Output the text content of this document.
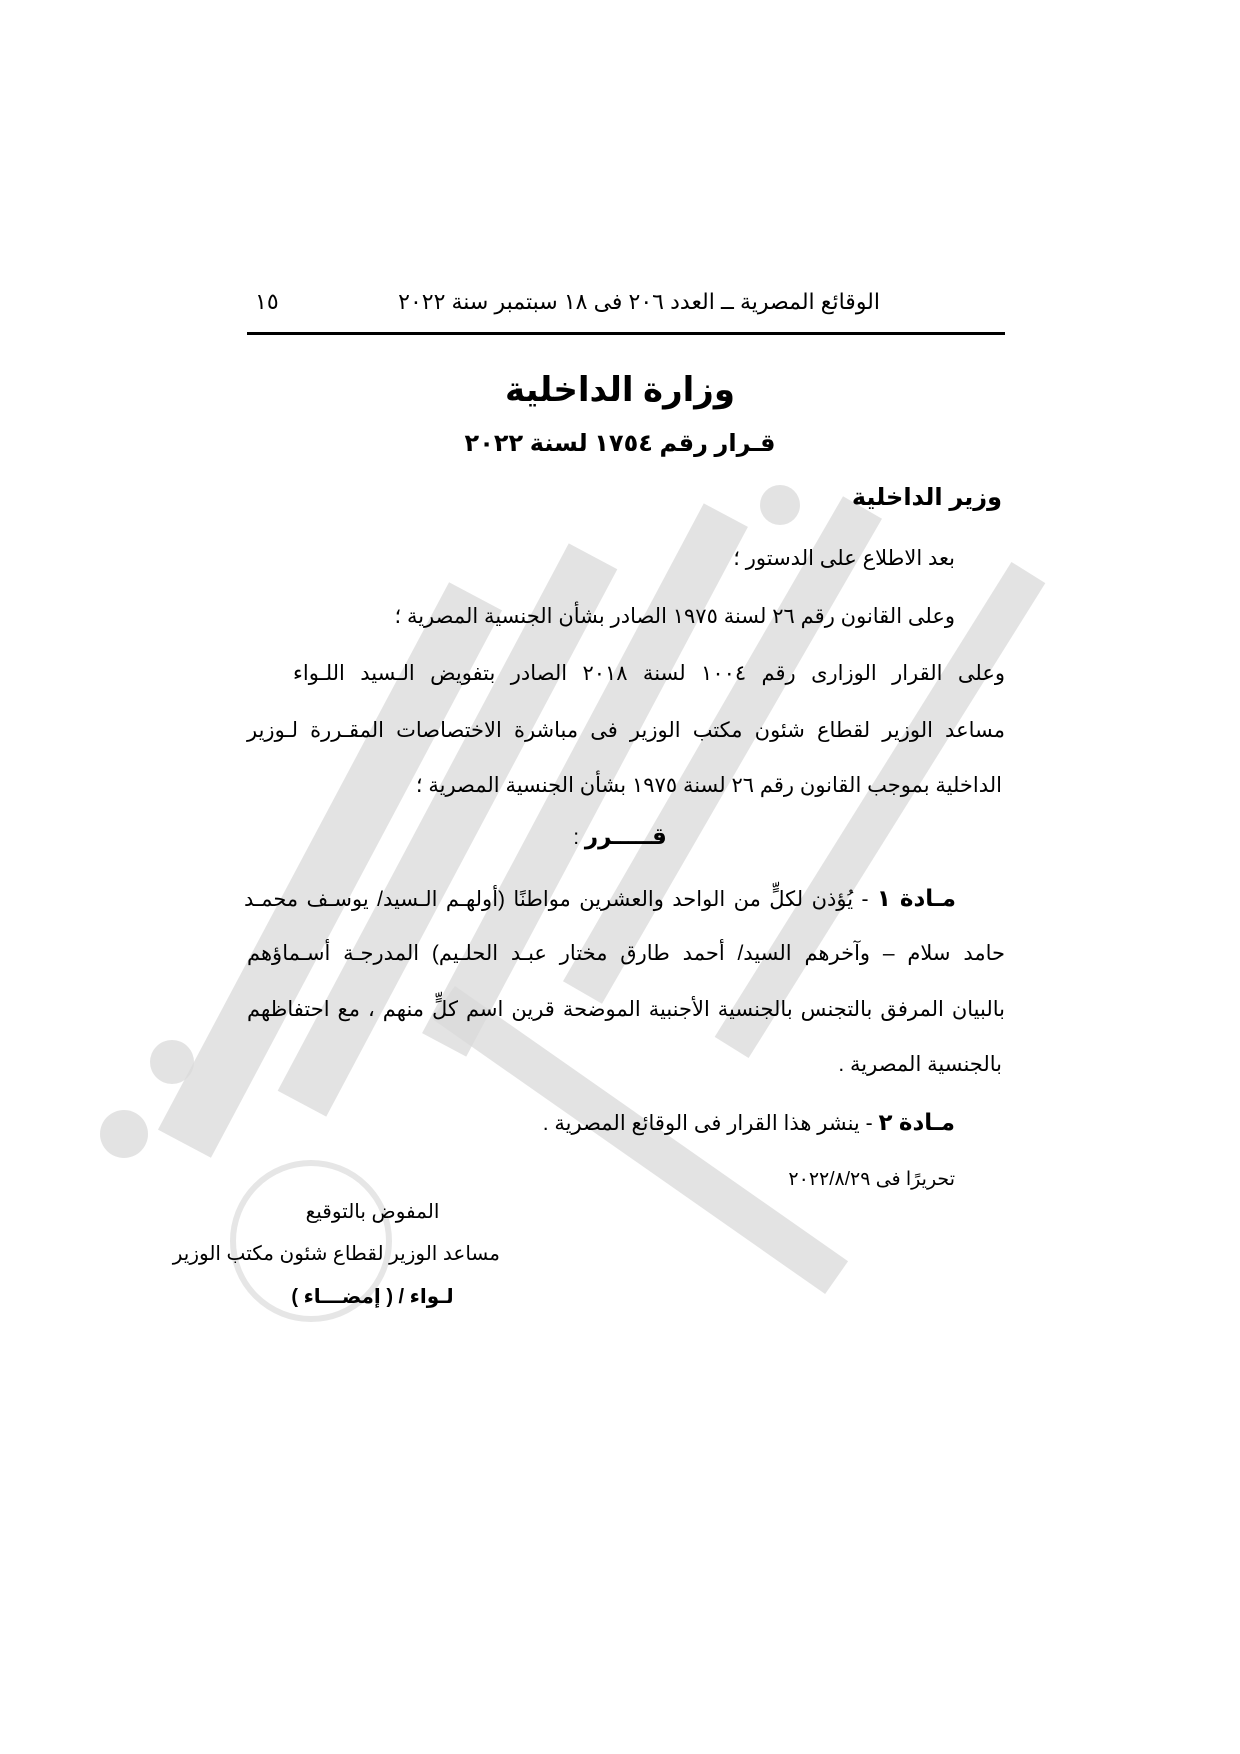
الوقائع المصرية ــ العدد ٢٠٦ فى ١٨ سبتمبر سنة ٢٠٢٢
١٥
وزارة الداخلية
قـرار رقم ١٧٥٤ لسنة ٢٠٢٢
وزير الداخلية
بعد الاطلاع على الدستور ؛
وعلى القانون رقم ٢٦ لسنة ١٩٧٥ الصادر بشأن الجنسية المصرية ؛
وعلى القرار الوزارى رقم ١٠٠٤ لسنة ٢٠١٨ الصادر بتفويض الـسيد اللـواء
مساعد الوزير لقطاع شئون مكتب الوزير فى مباشرة الاختصاصات المقـررة لـوزير
الداخلية بموجب القانون رقم ٢٦ لسنة ١٩٧٥ بشأن الجنسية المصرية ؛
قـــــرر :
مـادة ١ - يُؤذن لكلٍّ من الواحد والعشرين مواطنًا (أولهـم الـسيد/ يوسـف محمـد
حامد سلام – وآخرهم السيد/ أحمد طارق مختار عبـد الحلـيم) المدرجـة أسـماؤهم
بالبيان المرفق بالتجنس بالجنسية الأجنبية الموضحة قرين اسم كلٍّ منهم ، مع احتفاظهم
بالجنسية المصرية .
مـادة ٢ - ينشر هذا القرار فى الوقائع المصرية .
تحريرًا فى ٢٠٢٢/٨/٢٩
المفوض بالتوقيع
مساعد الوزير لقطاع شئون مكتب الوزير
لـواء / ( إمضـــاء )
